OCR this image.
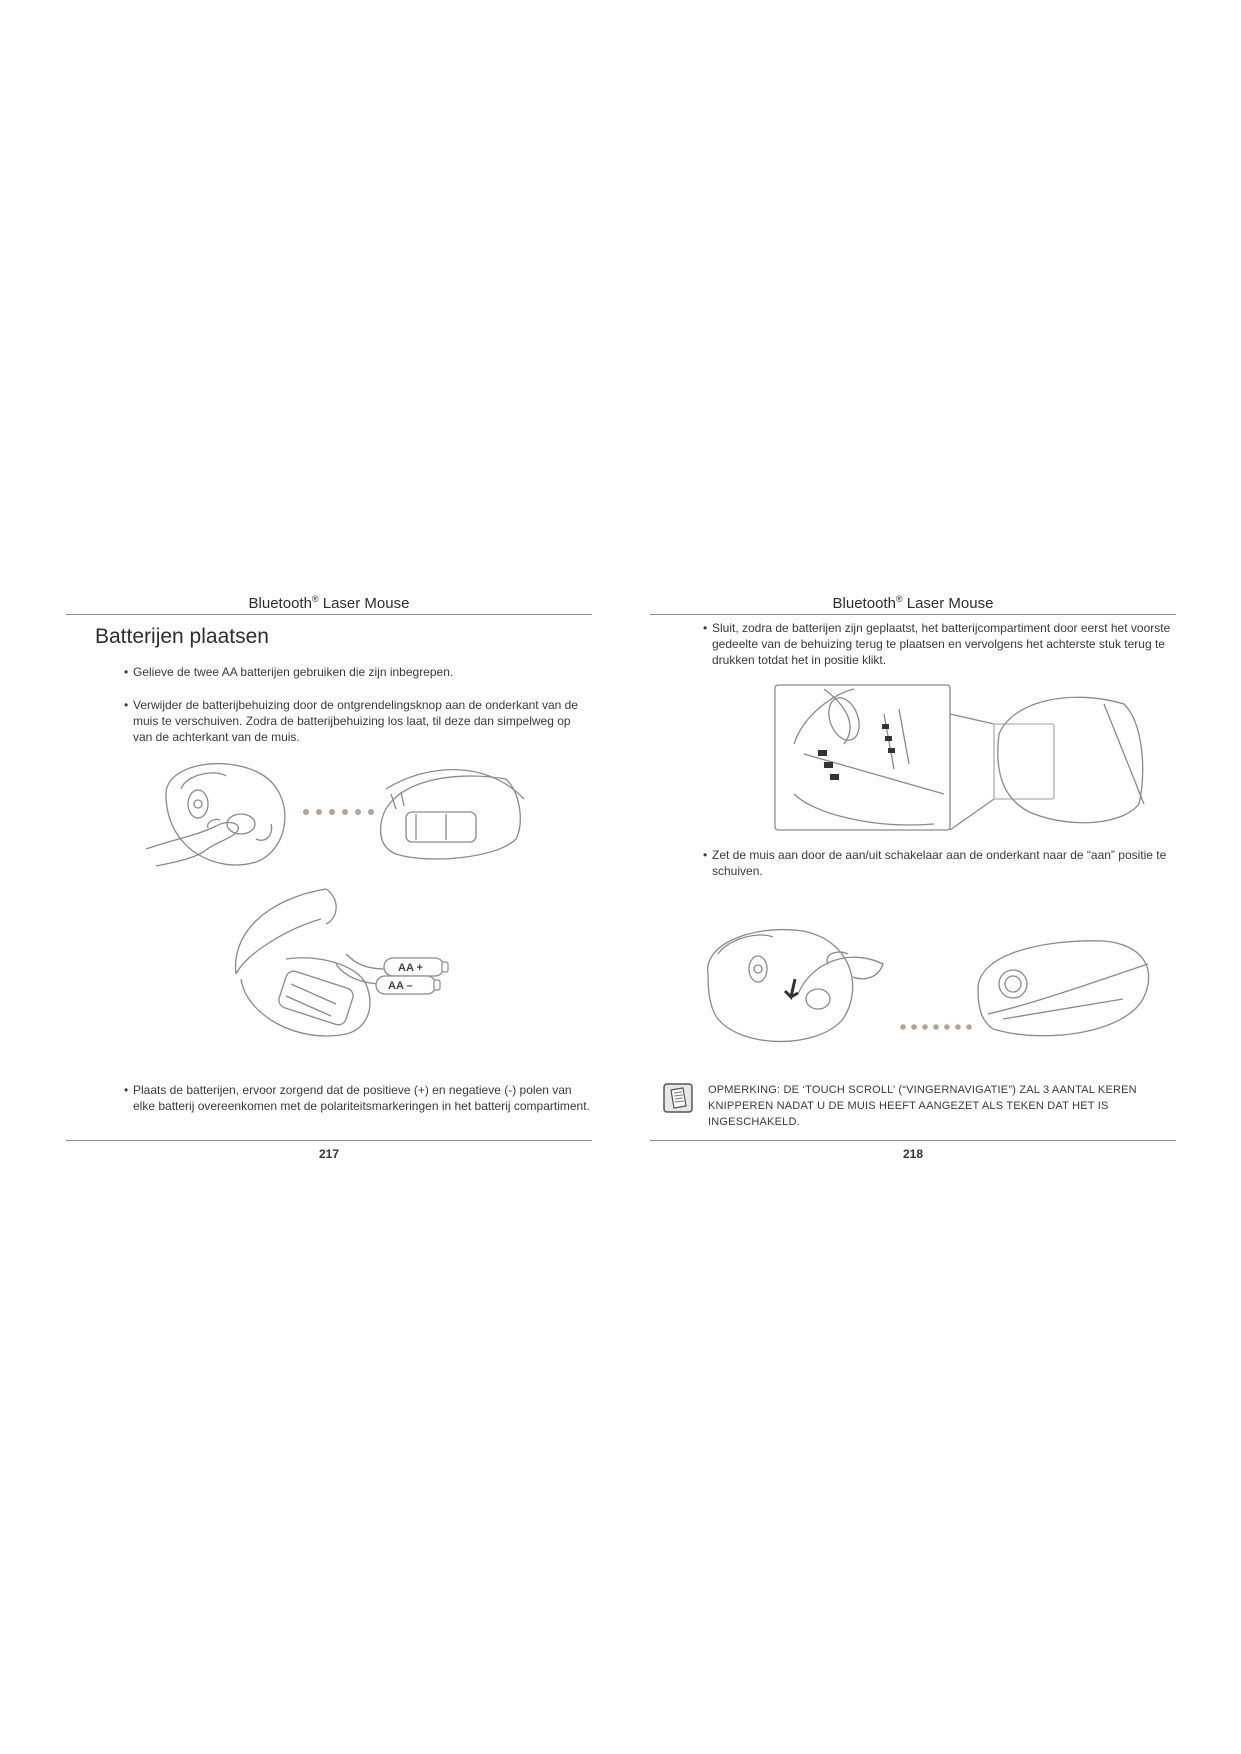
Bluetooth® Laser Mouse
Batterijen plaatsen
• Gelieve de twee AA batterijen gebruiken die zijn inbegrepen.
• Verwijder de batterijbehuizing door de ontgrendelingsknop aan de onderkant van de muis te verschuiven. Zodra de batterijbehuizing los laat, til deze dan simpelweg op van de achterkant van de muis.
AA +
AA –
• Plaats de batterijen, ervoor zorgend dat de positieve (+) en negatieve (-) polen van elke batterij overeenkomen met de polariteitsmarkeringen in het batterij compartiment.
217
Bluetooth® Laser Mouse
• Sluit, zodra de batterijen zijn geplaatst, het batterijcompartiment door eerst het voorste gedeelte van de behuizing terug te plaatsen en vervolgens het achterste stuk terug te drukken totdat het in positie klikt.
• Zet de muis aan door de aan/uit schakelaar aan de onderkant naar de “aan” positie te schuiven.
OPMERKING: DE ‘TOUCH SCROLL’ (“VINGERNAVIGATIE”) ZAL 3 AANTAL KEREN KNIPPEREN NADAT U DE MUIS HEEFT AANGEZET ALS TEKEN DAT HET IS INGESCHAKELD.
218
